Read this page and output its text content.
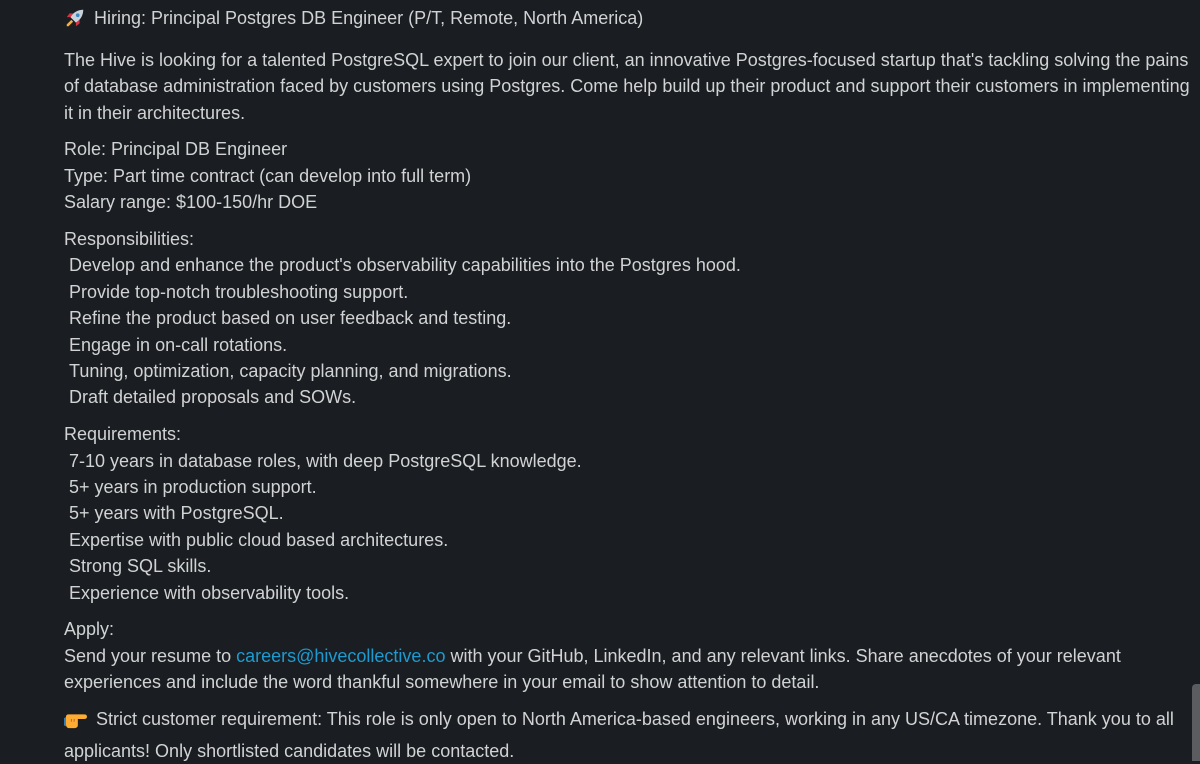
Hiring: Principal Postgres DB Engineer (P/T, Remote, North America)

The Hive is looking for a talented PostgreSQL expert to join our client, an innovative Postgres-focused startup that's tackling solving the pains of database administration faced by customers using Postgres. Come help build up their product and support their customers in implementing it in their architectures.

Role: Principal DB Engineer

Type: Part time contract (can develop into full term)

Salary range: $100-150/hr DOE

Responsibilities:

Develop and enhance the product's observability capabilities into the Postgres hood.

Provide top-notch troubleshooting support.

Refine the product based on user feedback and testing.

Engage in on-call rotations.

Tuning, optimization, capacity planning, and migrations.

Draft detailed proposals and SOWs.

Requirements:

7-10 years in database roles, with deep PostgreSQL knowledge.

5+ years in production support.

5+ years with PostgreSQL.

Expertise with public cloud based architectures.

Strong SQL skills.

Experience with observability tools.

Apply:

Send your resume to careers@hivecollective.co with your GitHub, LinkedIn, and any relevant links. Share anecdotes of your relevant experiences and include the word thankful somewhere in your email to show attention to detail.

Strict customer requirement: This role is only open to North America-based engineers, working in any US/CA timezone. Thank you to all applicants! Only shortlisted candidates will be contacted.
